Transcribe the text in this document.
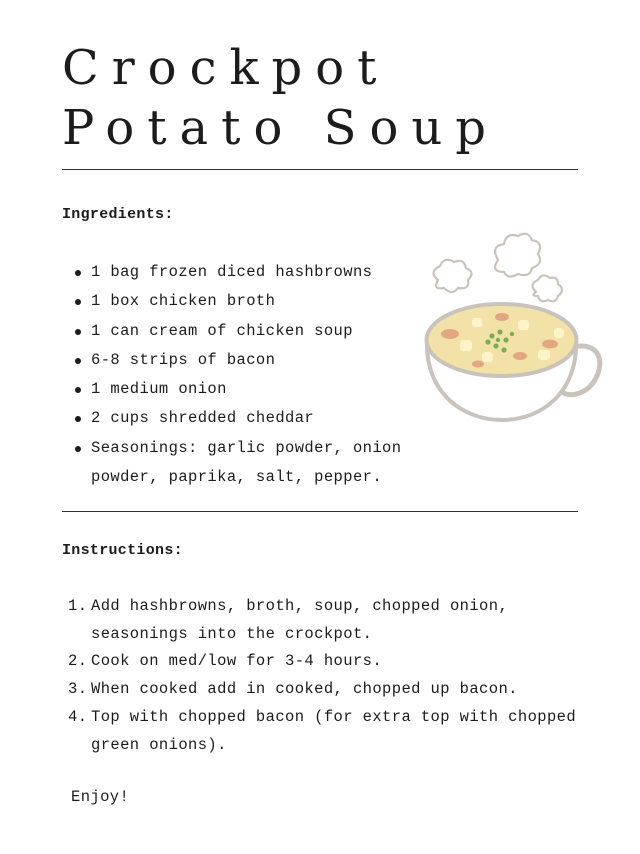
Crockpot
Potato Soup
Ingredients:
1 bag frozen diced hashbrowns
1 box chicken broth
1 can cream of chicken soup
6-8 strips of bacon
1 medium onion
2 cups shredded cheddar
Seasonings: garlic powder, onion powder, paprika, salt, pepper.
Instructions:
1. Add hashbrowns, broth, soup, chopped onion, seasonings into the crockpot.
2. Cook on med/low for 3-4 hours.
3. When cooked add in cooked, chopped up bacon.
4. Top with chopped bacon (for extra top with chopped green onions).

Enjoy!
